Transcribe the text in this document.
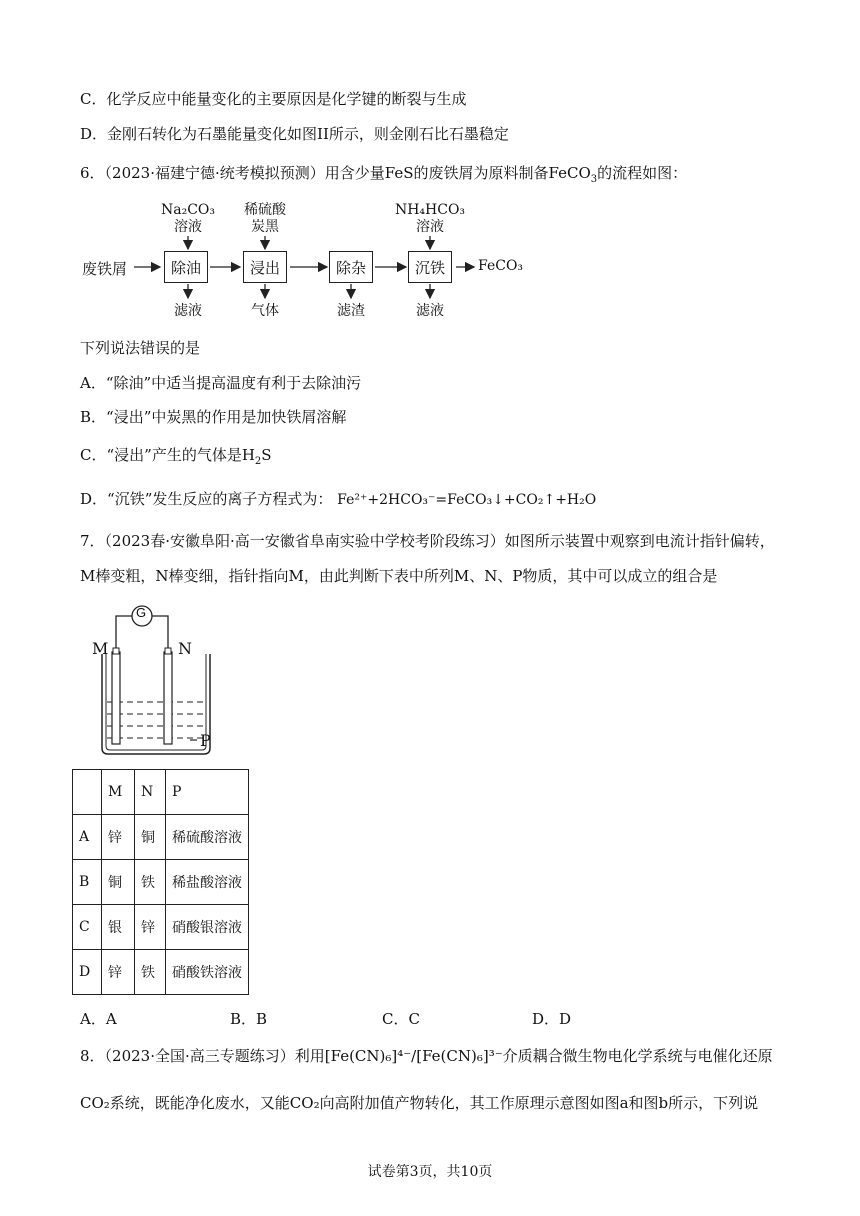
C．化学反应中能量变化的主要原因是化学键的断裂与生成
D．金刚石转化为石墨能量变化如图II所示，则金刚石比石墨稳定
6．（2023·福建宁德·统考模拟预测）用含少量FeS的废铁屑为原料制备FeCO$_3$的流程如图：
废铁屑	除油	浸出	除杂	沉铁	FeCO₃
Na₂CO₃
溶液
稀硫酸
炭黑
NH₄HCO₃
溶液
滤液	气体	滤渣	滤液
下列说法错误的是
A．“除油”中适当提高温度有利于去除油污
B．“浸出”中炭黑的作用是加快铁屑溶解
C．“浸出”产生的气体是$H_2S$
D．“沉铁”发生反应的离子方程式为： Fe²⁺+2HCO₃⁻=FeCO₃↓+CO₂↑+H₂O
7．（2023春·安徽阜阳·高一安徽省阜南实验中学校考阶段练习）如图所示装置中观察到电流计指针偏转，
M棒变粗，N棒变细，指针指向M，由此判断下表中所列M、N、P物质，其中可以成立的组合是
G
M	N
P
	M	N	P
A	锌	铜	稀硫酸溶液
B	铜	铁	稀盐酸溶液
C	银	锌	硝酸银溶液
D	锌	铁	硝酸铁溶液
A．A	B．B	C．C	D．D
8．（2023·全国·高三专题练习）利用[Fe(CN)₆]⁴⁻/[Fe(CN)₆]³⁻介质耦合微生物电化学系统与电催化还原
CO₂系统，既能净化废水，又能CO₂向高附加值产物转化，其工作原理示意图如图a和图b所示，下列说
试卷第3页，共10页
